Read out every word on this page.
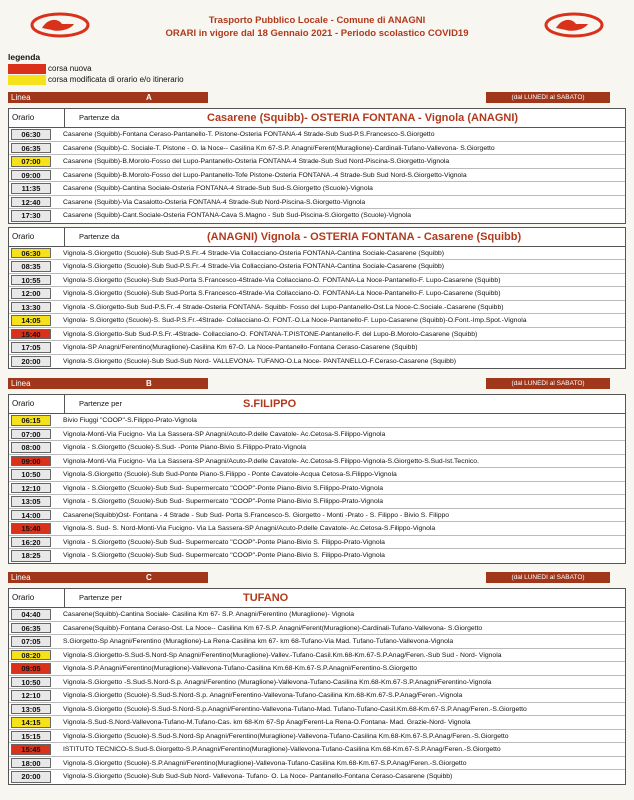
Trasporto Pubblico Locale - Comune di ANAGNI
ORARI in vigore dal 18 Gennaio 2021 - Periodo scolastico COVID19
legenda
corsa nuova
corsa modificata di orario e/o itinerario
Linea	A	(dal LUNEDI al SABATO)
Orario	Partenze da	Casarene (Squibb)- OSTERIA FONTANA - Vignola (ANAGNI)
06:30	Casarene (Squibb)-Fontana Ceraso-Pantanello-T. Pistone-Osteria FONTANA-4 Strade-Sub Sud-P.S.Francesco-S.Giorgetto
06:35	Casarene (Squibb)-C. Sociale-T. Pistone - O. la Noce-- Casilina Km 67-S.P. Anagni/Ferent(Muraglione)-Cardinali-Tufano-Vallevona- S.Giorgetto
07:00	Casarene (Squibb)-B.Morolo-Fosso del Lupo-Pantanello-Osteria FONTANA-4 Strade-Sub Sud Nord-Piscina-S.Giorgetto-Vignola
09:00	Casarene (Squibb)-B.Morolo-Fosso del Lupo-Pantanello-Tofe Pistone-Osteria FONTANA.-4 Strade-Sub Sud Nord-S.Giorgetto-Vignola
11:35	Casarene (Squibb)-Cantina Sociale-Osteria FONTANA-4 Strade-Sub Sud-S.Giorgetto (Scuole)-Vignola
12:40	Casarene (Squibb)-Via Casalotto-Osteria FONTANA-4 Strade-Sub Nord-Piscina-S.Giorgetto-Vignola
17:30	Casarene (Squibb)-Cant.Sociale-Osteria FONTANA-Cava S.Magno - Sub Sud-Piscina-S.Giorgetto (Scuole)-Vignola
Orario	Partenze da	(ANAGNI) Vignola - OSTERIA FONTANA - Casarene (Squibb)
06:30	Vignola-S.Giorgetto (Scuole)-Sub Sud-P.S.Fr.-4 Strade-Via Collacciano-Osteria FONTANA-Cantina Sociale-Casarene (Squibb)
08:35	Vignola-S.Giorgetto (Scuole)-Sub Sud-P.S.Fr.-4 Strade-Via Collacciano-Osteria FONTANA-Cantina Sociale-Casarene (Squibb)
10:55	Vignola-S.Giorgetto (Scuole)-Sub Sud-Porta S.Francesco-4Strade-Via Collacciano-O. FONTANA-La Noce-Pantanello-F. Lupo-Casarene (Squibb)
12:00	Vignola-S.Giorgetto (Scuole)-Sub Sud-Porta S.Francesco-4Strade-Via Collacciano-O. FONTANA-La Noce-Pantanello-F. Lupo-Casarene (Squibb)
13:30	Vignola -S.Giorgetto-Sub Sud-P.S.Fr.-4 Strade-Osteria FONTANA- Squibb- Fosso del Lupo-Pantanello-Ost.La Noce-C.Sociale.-Casarene (Squibb)
14:05	Vignola- S.Giorgetto (Scuole)-S. Sud-P.S.Fr.-4Strade- Collacciano-O. FONT.-O.La Noce-Pantanello-F. Lupo-Casarene (Squibb)-O.Font.-Imp.Spot.-Vignola
15:40	Vignola-S.Giorgetto-Sub Sud-P.S.Fr.-4Strade- Collacciano-O. FONTANA-T.PISTONE-Pantanello-F. del Lupo-B.Morolo-Casarene (Squibb)
17:05	Vignola-SP Anagni/Ferentino(Muraglione)-Casilina Km 67-O. La Noce-Pantanello-Fontana Ceraso-Casarene (Squibb)
20:00	Vignola-S.Giorgetto (Scuole)-Sub Sud-Sub Nord- VALLEVONA- TUFANO-O.La Noce- PANTANELLO-F.Ceraso-Casarene (Squibb)
Linea	B	(dal LUNEDI al SABATO)
Orario	Partenze per	S.FILIPPO
06:15	Bivio Fiuggi "COOP"-S.Filippo-Prato-Vignola
07:00	Vignola-Monti-Via Fucigno- Via La Sassera-SP Anagni/Acuto-P.delle Cavatole- Ac.Cetosa-S.Filippo-Vignola
08:00	Vignola - S.Giorgetto (Scuole)-S.Sud- -Ponte Piano-Bivio S.Filippo-Prato-Vignola
09:00	Vignola-Monti-Via Fucigno- Via La Sassera-SP Anagni/Acuto-P.delle Cavatole- Ac.Cetosa-S.Filippo-Vignola-S.Giorgetto-S.Sud-Ist.Tecnico.
10:50	Vignola-S.Giorgetto (Scuole)-Sub Sud-Ponte Piano-S.Filippo - Ponte Cavatole-Acqua Cetosa-S.Filippo-Vignola
12:10	Vignola - S.Giorgetto (Scuole)-Sub Sud- Supermercato "COOP"-Ponte Piano-Bivio S.Filippo-Prato-Vignola
13:05	Vignola - S.Giorgetto (Scuole)-Sub Sud- Supermercato "COOP"-Ponte Piano-Bivio S.Filippo-Prato-Vignola
14:00	Casarene(Squibb)Ost- Fontana - 4 Strade - Sub Sud- Porta S.Francesco-S. Giorgetto - Monti -Prato - S. Filippo - Bivio S. Filippo
15:40	Vignola-S. Sud- S. Nord-Monti-Via Fucigno- Via La Sassera-SP Anagni/Acuto-P.delle Cavatole- Ac.Cetosa-S.Filippo-Vignola
16:20	Vignola - S.Giorgetto (Scuole)-Sub Sud- Supermercato "COOP"-Ponte Piano-Bivio S. Filippo-Prato-Vignola
18:25	Vignola - S.Giorgetto (Scuole)-Sub Sud- Supermercato "COOP"-Ponte Piano-Bivio S. Filippo-Prato-Vignola
Linea	C	(dal LUNEDI al SABATO)
Orario	Partenze per	TUFANO
04:40	Casarene(Squibb)-Cantina Sociale- Casilina Km 67- S.P. Anagni/Ferentino (Muraglione)- Vignola
06:35	Casarene(Squibb)-Fontana Ceraso-Ost. La Noce-- Casilina Km 67-S.P. Anagni/Ferent(Muraglione)-Cardinali-Tufano-Vallevona- S.Giorgetto
07:05	S.Giorgetto-Sp Anagni/Ferentino (Muraglione)-La Rena-Casilina km 67- km 68-Tufano-Via Mad. Tufano-Tufano-Vallevona-Vignola
08:20	Vignola-S.Giorgetto-S.Sud-S.Nord-Sp Anagni/Ferentino(Muraglione)-Vallev.-Tufano-Casil.Km.68-Km.67-S.P.Anag/Feren.-Sub Sud - Nord- Vignola
09:05	Vignola-S.P.Anagni/Ferentino(Muraglione)-Vallevona-Tufano-Casilina Km.68-Km.67-S.P.Anagni/Ferentino-S.Giorgetto
10:50	Vignola-S.Giorgetto -S.Sud-S.Nord-S.p. Anagni/Ferentino (Muraglione)-Vallevona-Tufano-Casilina Km.68-Km.67-S.P.Anagni/Ferentino-Vignola
12:10	Vignola-S.Giorgetto (Scuole)-S.Sud-S.Nord-S.p. Anagni/Ferentino-Vallevona-Tufano-Casilina Km.68-Km.67-S.P.Anag/Feren.-Vignola
13:05	Vignola-S.Giorgetto (Scuole)-S.Sud-S.Nord-S.p.Anagni/Ferentino-Vallevona-Tufano-Mad. Tufano-Tufano-Casil.Km.68-Km.67-S.P.Anag/Feren.-S.Giorgetto
14:15	Vignola-S.Sud-S.Nord-Vallevona-Tufano-M.Tufano-Cas. km 68-Km 67-Sp Anag/Ferent-La Rena-O.Fontana- Mad. Grazie-Nord- Vignola
15:15	Vignola-S.Giorgetto (Scuole)-S.Sud-S.Nord-Sp Anagni/Ferentino(Muraglione)-Vallevona-Tufano-Casilina Km.68-Km.67-S.P.Anag/Feren.-S.Giorgetto
15:45	ISTITUTO TECNICO-S.Sud-S.Giorgetto-S.P.Anagni/Ferentino(Muraglione)-Vallevona-Tufano-Casilina Km.68-Km.67-S.P.Anag/Feren.-S.Giorgetto
18:00	Vignola-S.Giorgetto (Scuole)-S.P.Anagni/Ferentino(Muraglione)-Vallevona-Tufano-Casilina Km.68-Km.67-S.P.Anag/Feren.-S.Giorgetto
20:00	Vignola-S.Giorgetto (Scuole)-Sub Sud-Sub Nord- Vallevona- Tufano- O. La Noce- Pantanello-Fontana Ceraso-Casarene (Squibb)
